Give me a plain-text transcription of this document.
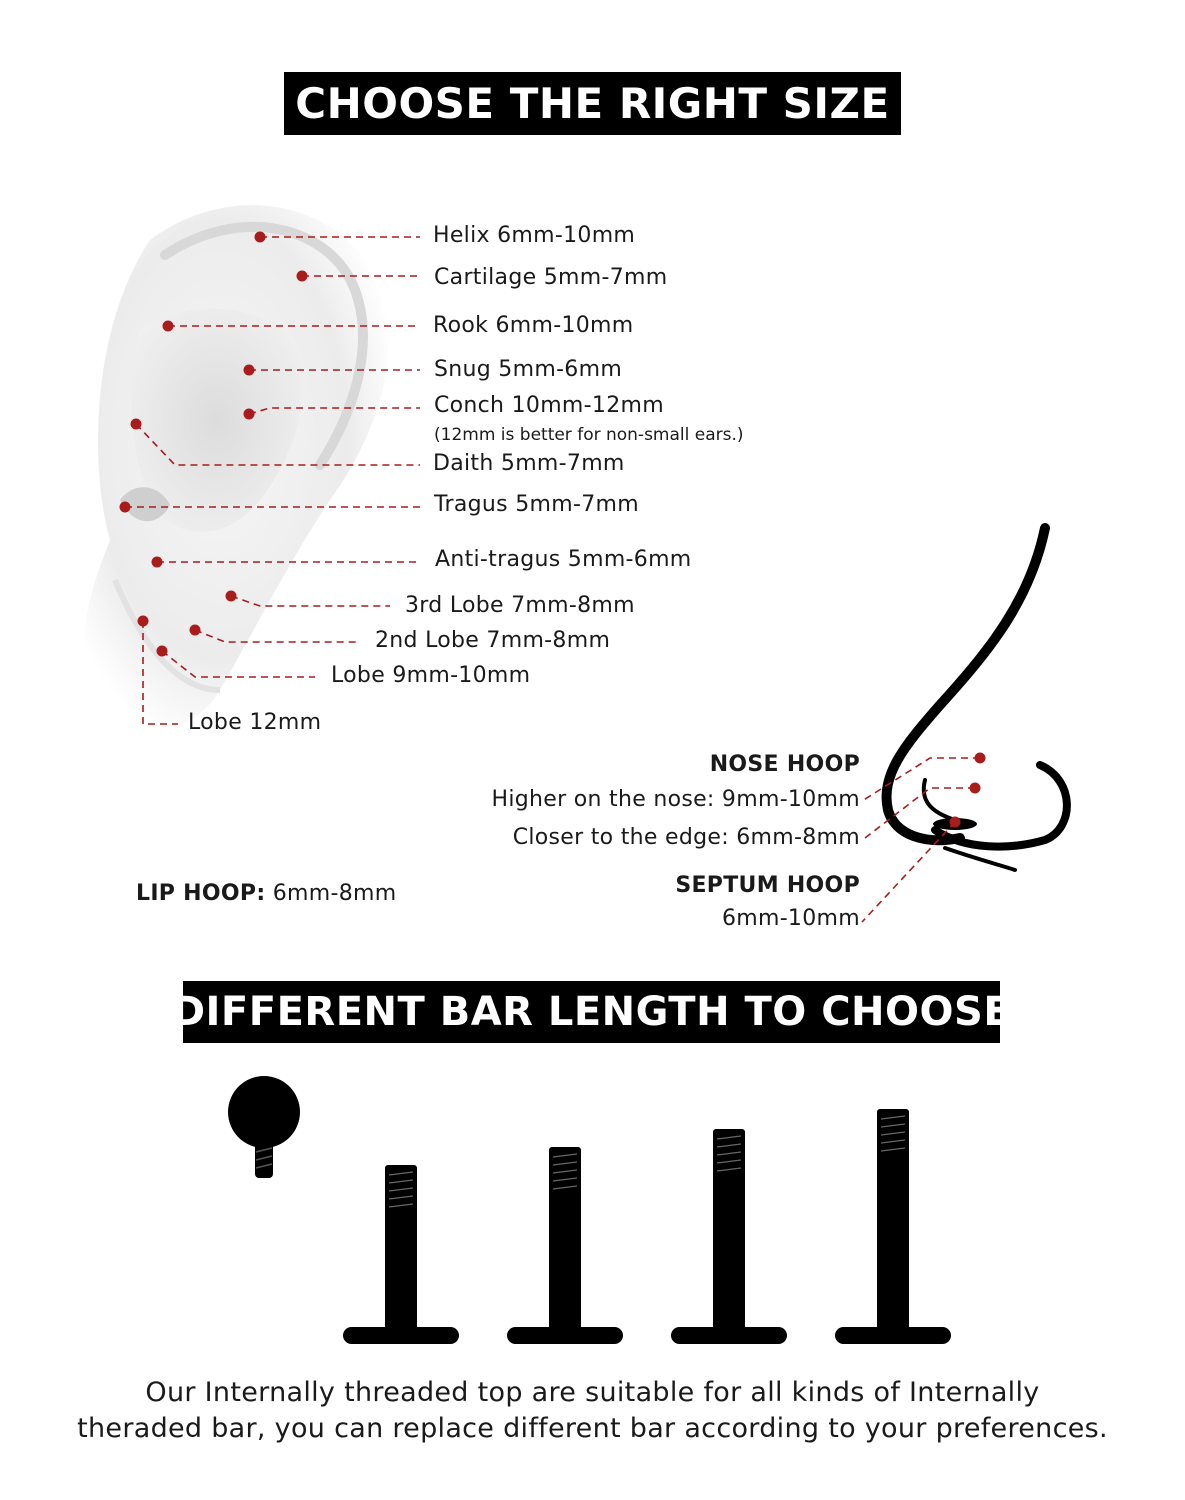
CHOOSE THE RIGHT SIZE
DIFFERENT BAR LENGTH TO CHOOSE
Helix 6mm-10mm
Cartilage 5mm-7mm
Rook 6mm-10mm
Snug 5mm-6mm
Conch 10mm-12mm
(12mm is better for non-small ears.)
Daith 5mm-7mm
Tragus 5mm-7mm
Anti-tragus 5mm-6mm
3rd Lobe 7mm-8mm
2nd Lobe 7mm-8mm
Lobe 9mm-10mm
Lobe 12mm
NOSE HOOP
Higher on the nose: 9mm-10mm
Closer to the edge: 6mm-8mm
SEPTUM HOOP
6mm-10mm
LIP HOOP: 6mm-8mm
Our Internally threaded top are suitable for all kinds of Internally
theraded bar, you can replace different bar according to your preferences.
